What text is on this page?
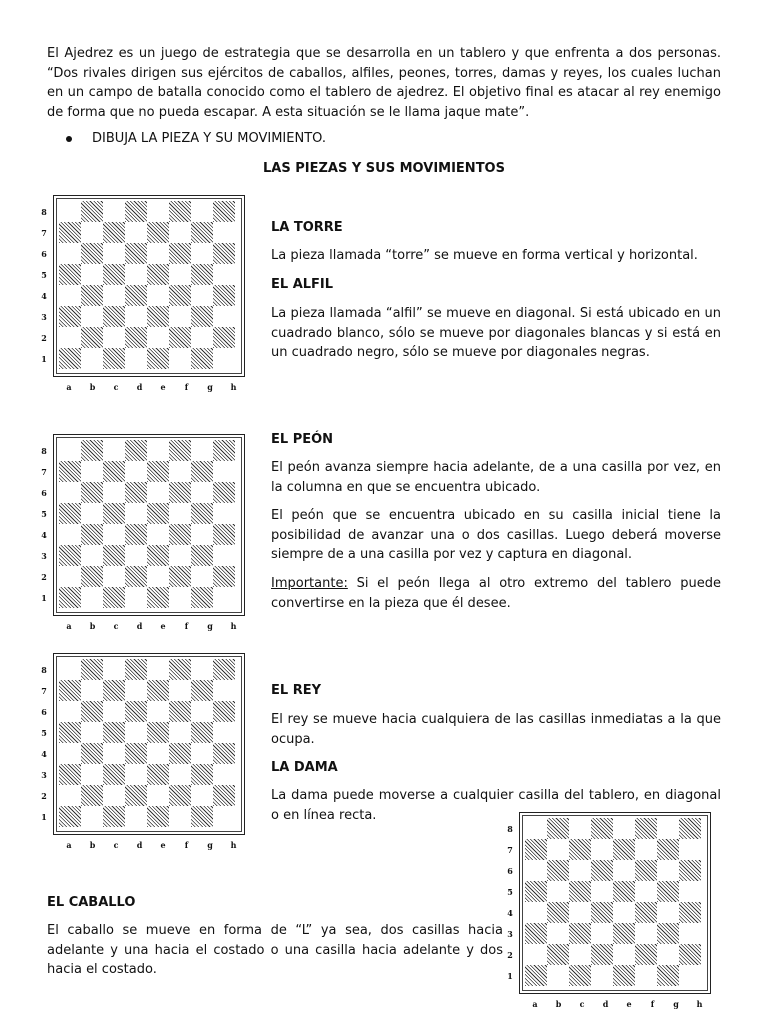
El Ajedrez es un juego de estrategia que se desarrolla en un tablero y que enfrenta a dos personas. “Dos rivales dirigen sus ejércitos de caballos, alfiles, peones, torres, damas y reyes, los cuales luchan en un campo de batalla conocido como el tablero de ajedrez. El objetivo final es atacar al rey enemigo de forma que no pueda escapar. A esta situación se le llama jaque mate”.

DIBUJA LA PIEZA Y SU MOVIMIENTO.

LAS PIEZAS Y SUS MOVIMIENTOS

8
7
6
5
4
3
2
1
a	b	c	d	e	f	g	h

LA TORRE

La pieza llamada “torre” se mueve en forma vertical y horizontal.

EL ALFIL

La pieza llamada “alfil” se mueve en diagonal. Si está ubicado en un cuadrado blanco, sólo se mueve por diagonales blancas y si está en un cuadrado negro, sólo se mueve por diagonales negras.

8
7
6
5
4
3
2
1
a	b	c	d	e	f	g	h

EL PEÓN

El peón avanza siempre hacia adelante, de a una casilla por vez, en la columna en que se encuentra ubicado.

El peón que se encuentra ubicado en su casilla inicial tiene la posibilidad de avanzar una o dos casillas. Luego deberá moverse siempre de a una casilla por vez y captura en diagonal.

Importante: Si el peón llega al otro extremo del tablero puede convertirse en la pieza que él desee.

8
7
6
5
4
3
2
1
a	b	c	d	e	f	g	h

EL REY

El rey se mueve hacia cualquiera de las casillas inmediatas a la que ocupa.

LA DAMA

La dama puede moverse a cualquier casilla del tablero, en diagonal o en línea recta.

EL CABALLO

El caballo se mueve en forma de “L” ya sea, dos casillas hacia adelante y una hacia el costado o una casilla hacia adelante y dos hacia el costado.

8
7
6
5
4
3
2
1
a	b	c	d	e	f	g	h
